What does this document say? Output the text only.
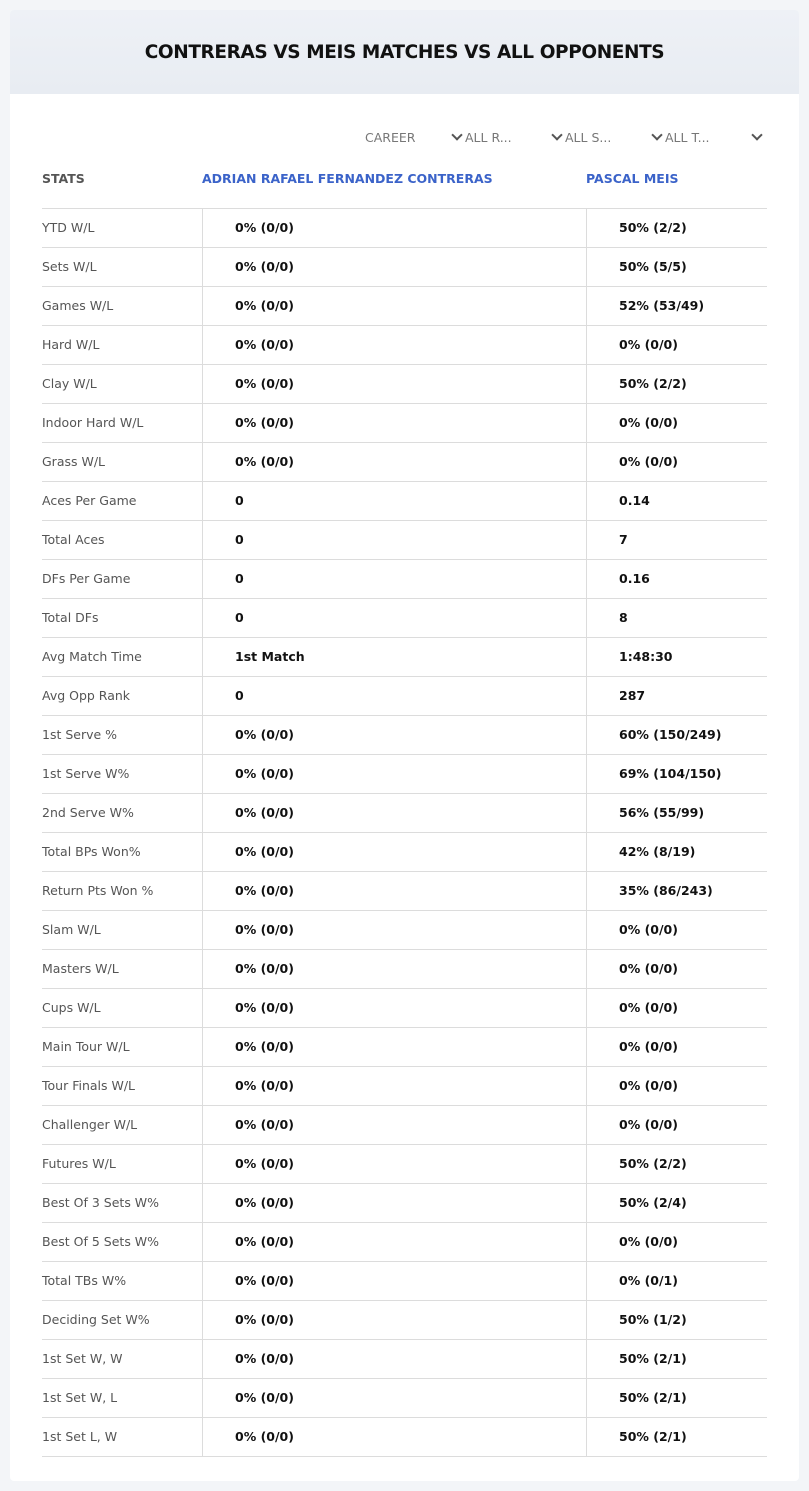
CONTRERAS VS MEIS MATCHES VS ALL OPPONENTS
CAREER	ALL R...	ALL S...	ALL T...
STATS	ADRIAN RAFAEL FERNANDEZ CONTRERAS	PASCAL MEIS
YTD W/L	0% (0/0)	50% (2/2)
Sets W/L	0% (0/0)	50% (5/5)
Games W/L	0% (0/0)	52% (53/49)
Hard W/L	0% (0/0)	0% (0/0)
Clay W/L	0% (0/0)	50% (2/2)
Indoor Hard W/L	0% (0/0)	0% (0/0)
Grass W/L	0% (0/0)	0% (0/0)
Aces Per Game	0	0.14
Total Aces	0	7
DFs Per Game	0	0.16
Total DFs	0	8
Avg Match Time	1st Match	1:48:30
Avg Opp Rank	0	287
1st Serve %	0% (0/0)	60% (150/249)
1st Serve W%	0% (0/0)	69% (104/150)
2nd Serve W%	0% (0/0)	56% (55/99)
Total BPs Won%	0% (0/0)	42% (8/19)
Return Pts Won %	0% (0/0)	35% (86/243)
Slam W/L	0% (0/0)	0% (0/0)
Masters W/L	0% (0/0)	0% (0/0)
Cups W/L	0% (0/0)	0% (0/0)
Main Tour W/L	0% (0/0)	0% (0/0)
Tour Finals W/L	0% (0/0)	0% (0/0)
Challenger W/L	0% (0/0)	0% (0/0)
Futures W/L	0% (0/0)	50% (2/2)
Best Of 3 Sets W%	0% (0/0)	50% (2/4)
Best Of 5 Sets W%	0% (0/0)	0% (0/0)
Total TBs W%	0% (0/0)	0% (0/1)
Deciding Set W%	0% (0/0)	50% (1/2)
1st Set W, W	0% (0/0)	50% (2/1)
1st Set W, L	0% (0/0)	50% (2/1)
1st Set L, W	0% (0/0)	50% (2/1)
